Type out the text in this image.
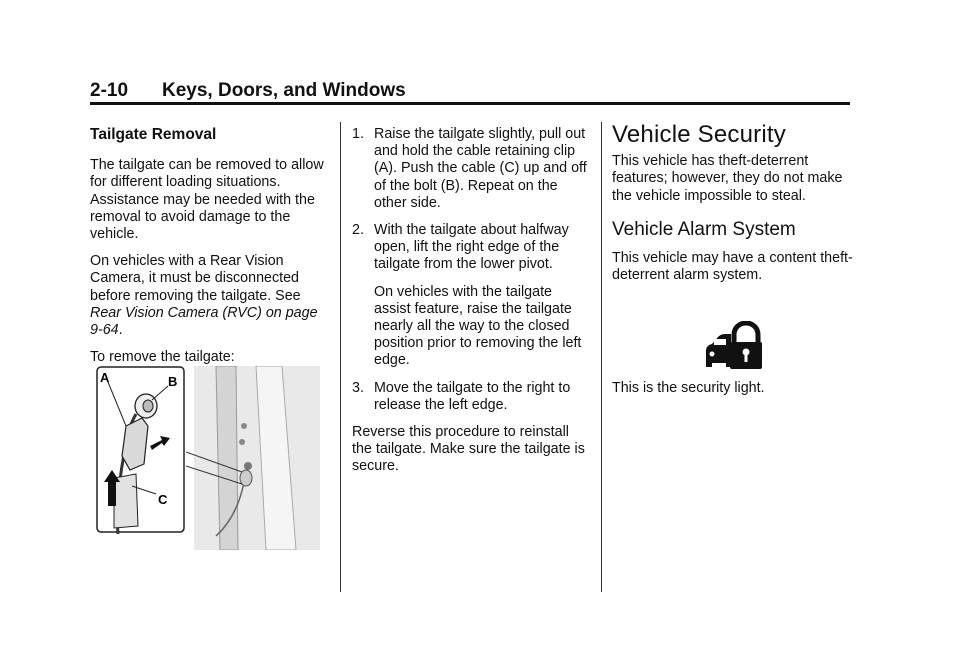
2-10 Keys, Doors, and Windows
Tailgate Removal

The tailgate can be removed to allow for different loading situations. Assistance may be needed with the removal to avoid damage to the vehicle.

On vehicles with a Rear Vision Camera, it must be disconnected before removing the tailgate. See Rear Vision Camera (RVC) on page 9-64.

To remove the tailgate:

A	B
C
1. Raise the tailgate slightly, pull out and hold the cable retaining clip (A). Push the cable (C) up and off of the bolt (B). Repeat on the other side.
2. With the tailgate about halfway open, lift the right edge of the tailgate from the lower pivot.
On vehicles with the tailgate assist feature, raise the tailgate nearly all the way to the closed position prior to removing the left edge.
3. Move the tailgate to the right to release the left edge.

Reverse this procedure to reinstall the tailgate. Make sure the tailgate is secure.

Vehicle Security

This vehicle has theft-deterrent features; however, they do not make the vehicle impossible to steal.

Vehicle Alarm System

This vehicle may have a content theft-deterrent alarm system.

This is the security light.
